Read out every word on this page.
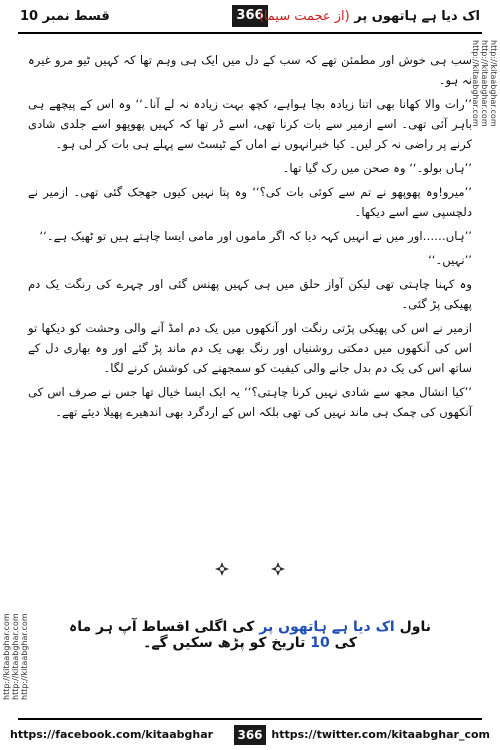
قسط نمبر 10	366	اک دیا ہے ہاتھوں پر (از عجمت سیما)
http://kitaabghar.com http://kitaabghar.com http://kitaabghar.com
http://kitaabghar.com
http://kitaabghar.com
http://kitaabghar.com

سب ہی خوش اور مطمئن تھے کہ سب کے دل میں ایک ہی وہم تھا کہ کہیں ٹیو مرو غیرہ نہ ہو۔

’’رات والا کھانا بھی اتنا زیادہ بچا ہواہے، کچھ بہت زیادہ نہ لے آنا۔‘‘ وہ اس کے پیچھے ہی باہر آئی تھی۔ اسے ازمیر سے بات کرنا تھی، اسے ڈر تھا کہ کہیں پھوپھو اسے جلدی شادی کرنے پر راضی نہ کر لیں۔ کیا خبرانہوں نے اماں کے ٹیسٹ سے پہلے ہی بات کر لی ہو۔

’’ہاں بولو۔‘‘ وہ صحن میں رک گیا تھا۔

’’میرو!وہ پھوپھو نے تم سے کوئی بات کی؟‘‘ وہ پتا نہیں کیوں جھجک گئی تھی۔ ازمیر نے دلچسپی سے اسے دیکھا۔

’’ہاں……اور میں نے انہیں کہہ دیا کہ اگر ماموں اور مامی ایسا چاہتے ہیں تو ٹھیک ہے۔‘‘

’’نہیں۔‘‘

وہ کہنا چاہتی تھی لیکن آواز حلق میں ہی کہیں پھنس گئی اور چہرے کی رنگت یک دم پھیکی پڑ گئی۔

ازمیر نے اس کی پھیکی پڑتی رنگت اور آنکھوں میں یک دم امڈ آنے والی وحشت کو دیکھا تو اس کی آنکھوں میں دمکتی روشنیاں اور رنگ بھی یک دم ماند پڑ گئے اور وہ بھاری دل کے ساتھ اس کی یک دم بدل جانے والی کیفیت کو سمجھنے کی کوشش کرنے لگا۔

’’کیا انشال مجھ سے شادی نہیں کرنا چاہتی؟‘‘ یہ ایک ایسا خیال تھا جس نے صرف اس کی آنکھوں کی چمک ہی ماند نہیں کی تھی بلکہ اس کے اردگرد بھی اندھیرے پھیلا دیئے تھے۔

ناول اک دیا ہے ہاتھوں پر کی اگلی اقساط آپ ہر ماہ کی 10 تاریخ کو پڑھ سکیں گے۔
https://facebook.com/kitaabghar 366 https://twitter.com/kitaabghar_com
